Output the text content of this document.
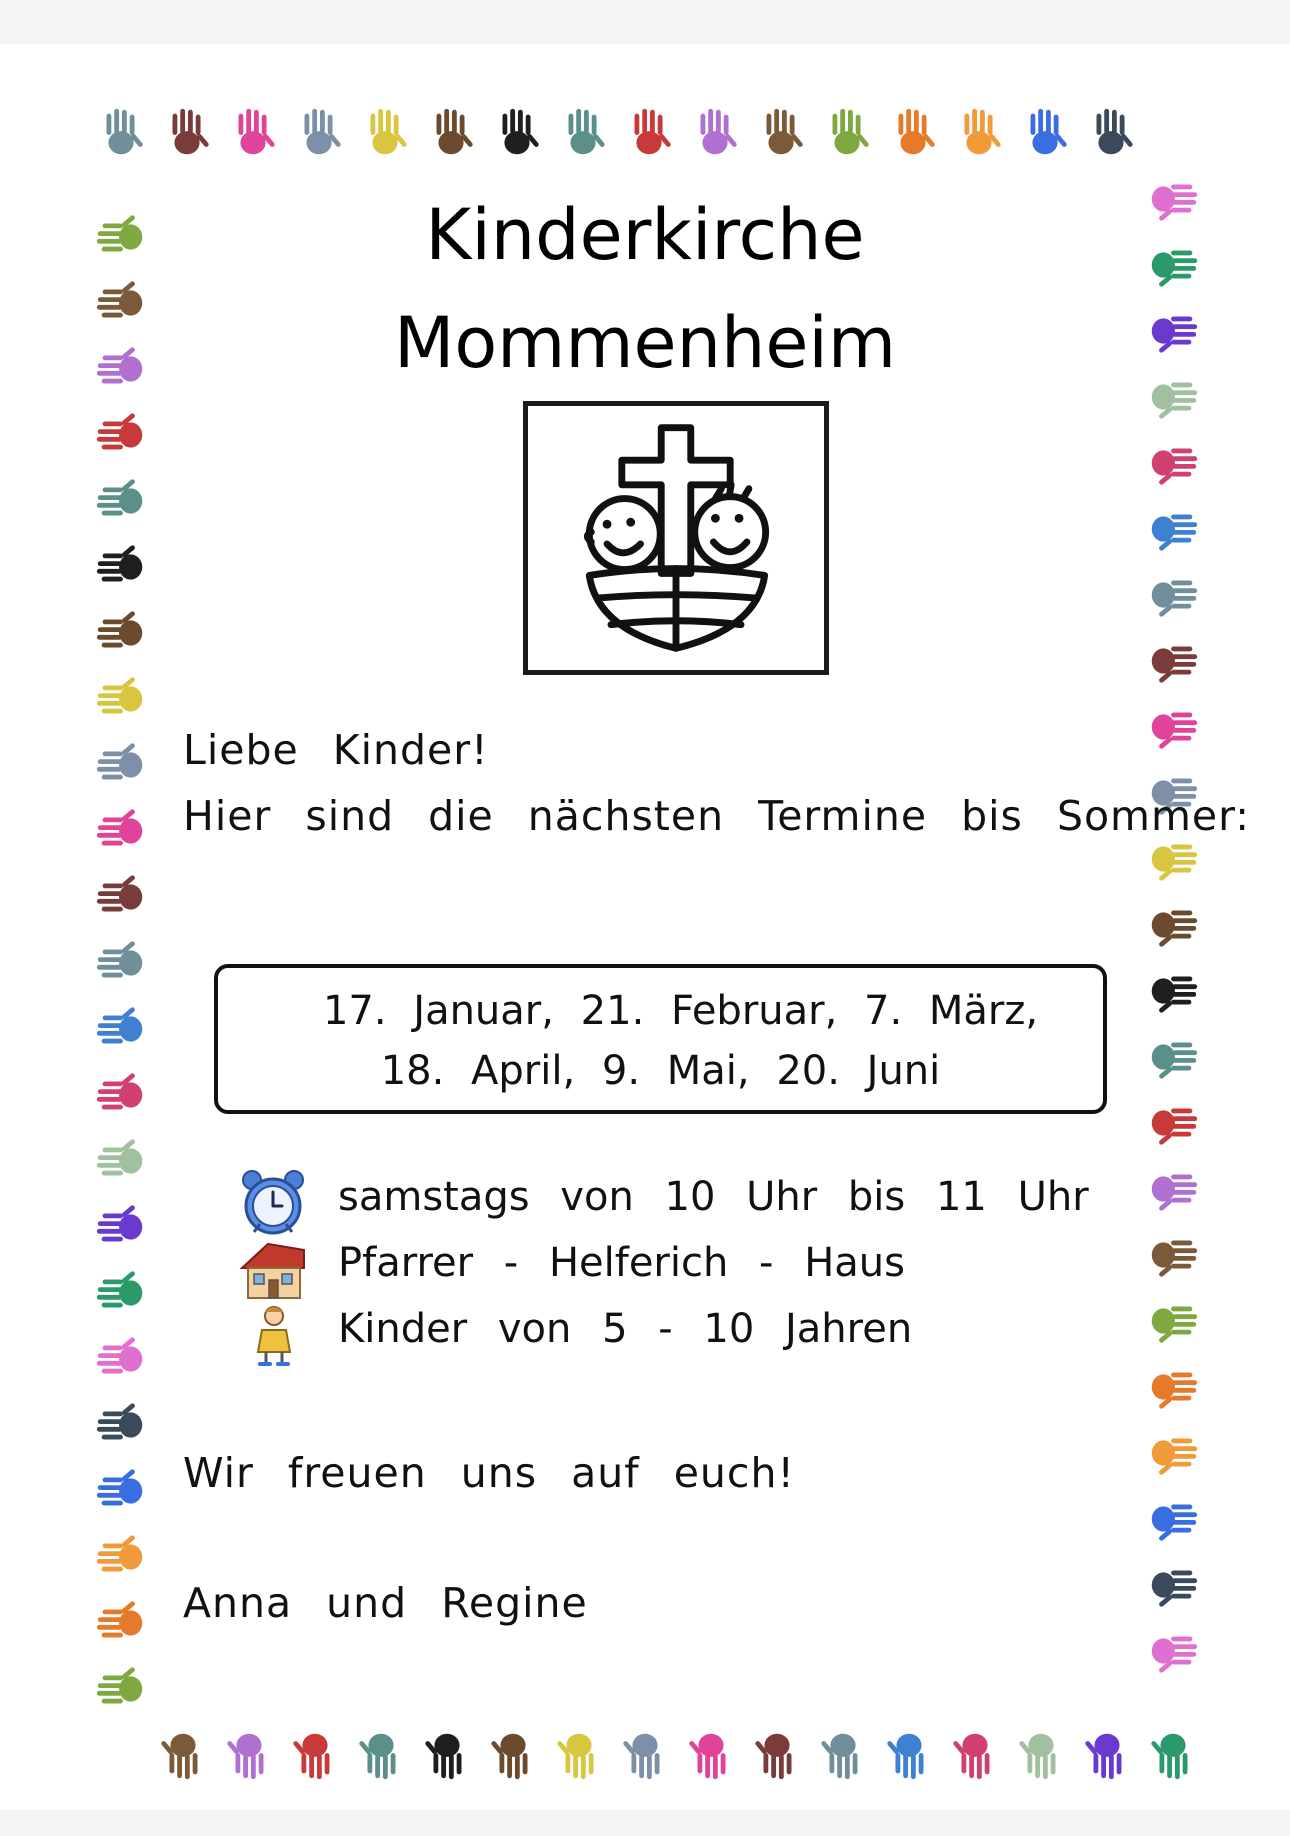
Kinderkirche
Mommenheim
Liebe Kinder!
Hier sind die nächsten Termine bis Sommer:
17. Januar, 21. Februar, 7. März,
18. April, 9. Mai, 20. Juni
samstags von 10 Uhr bis 11 Uhr
Pfarrer - Helferich - Haus
Kinder von 5 - 10 Jahren
Wir freuen uns auf euch!
Anna und Regine
